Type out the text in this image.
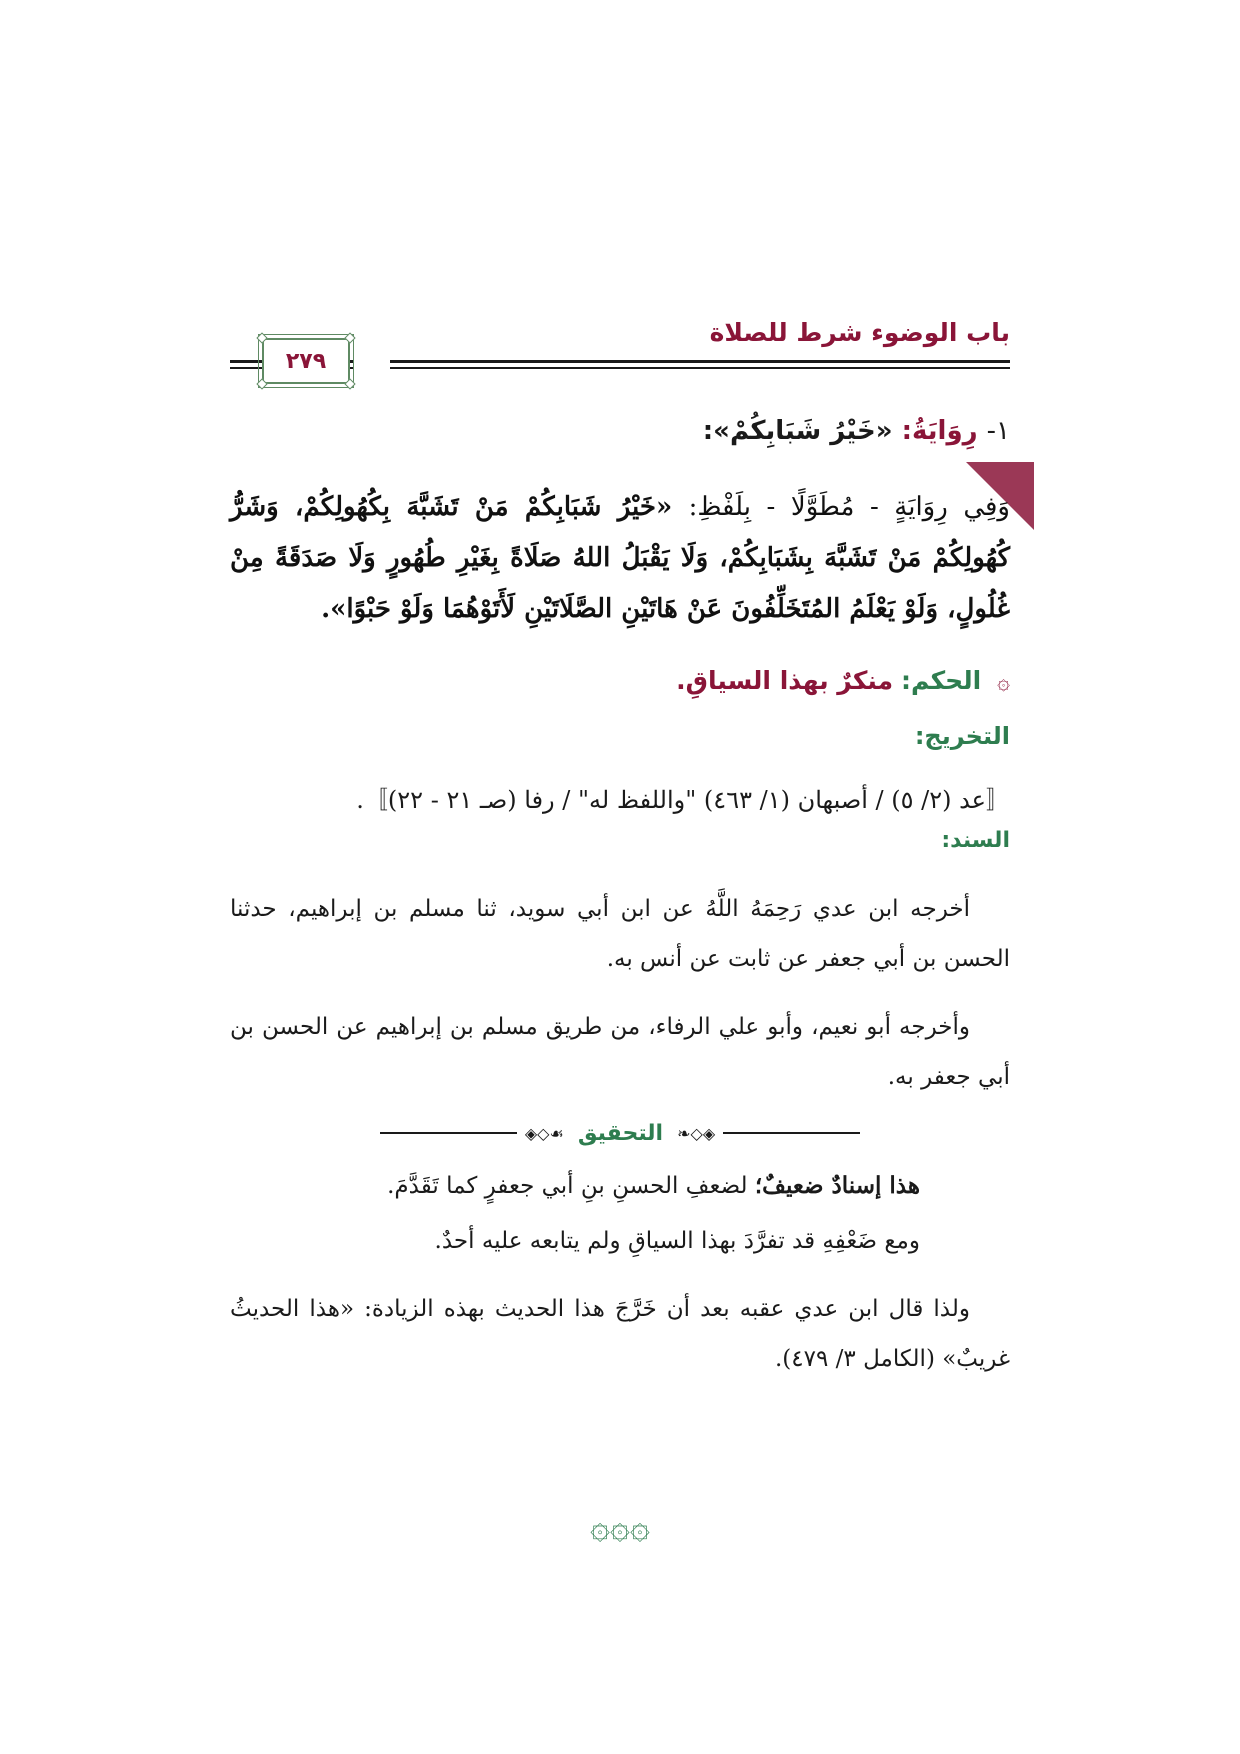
باب الوضوء شرط للصلاة
٢٧٩
١- رِوَايَةُ: «خَيْرُ شَبَابِكُمْ»:
وَفِي رِوَايَةٍ - مُطَوَّلًا - بِلَفْظِ: «خَيْرُ شَبَابِكُمْ مَنْ تَشَبَّهَ بِكُهُولِكُمْ، وَشَرُّ كُهُولِكُمْ مَنْ تَشَبَّهَ بِشَبَابِكُمْ، وَلَا يَقْبَلُ اللهُ صَلَاةً بِغَيْرِ طُهُورٍ وَلَا صَدَقَةً مِنْ غُلُولٍ، وَلَوْ يَعْلَمُ المُتَخَلِّفُونَ عَنْ هَاتَيْنِ الصَّلَاتَيْنِ لَأَتَوْهُمَا وَلَوْ حَبْوًا».
۞ الحكم: منكرٌ بهذا السياقِ.
التخريج:
〚عد (٢/ ٥) / أصبهان (١/ ٤٦٣) "واللفظ له" / رفا (صـ ٢١ - ٢٢)〛.
السند:
أخرجه ابن عدي رَحِمَهُ اللَّهُ عن ابن أبي سويد، ثنا مسلم بن إبراهيم، حدثنا الحسن بن أبي جعفر عن ثابت عن أنس به.
وأخرجه أبو نعيم، وأبو علي الرفاء، من طريق مسلم بن إبراهيم عن الحسن بن أبي جعفر به.
◈◇❧
التحقيق
☙◇◈
هذا إسنادٌ ضعيفٌ؛ لضعفِ الحسنِ بنِ أبي جعفرٍ كما تَقَدَّمَ.
ومع ضَعْفِهِ قد تفرَّدَ بهذا السياقِ ولم يتابعه عليه أحدٌ.
ولذا قال ابن عدي عقبه بعد أن خَرَّجَ هذا الحديث بهذه الزيادة: «هذا الحديثُ غريبٌ» (الكامل ٣/ ٤٧٩).
۞۞۞
